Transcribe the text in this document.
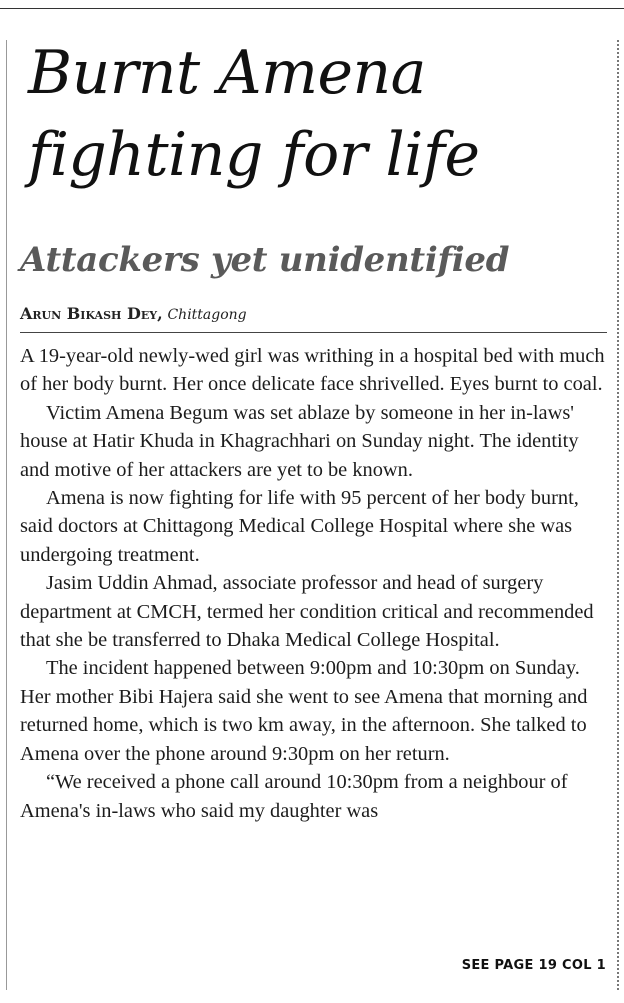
Burnt Amena
fighting for life
Attackers yet unidentified
Arun Bikash Dey, Chittagong

A 19-year-old newly-wed girl was writhing in a hospital bed with much of her body burnt. Her once delicate face shrivelled. Eyes burnt to coal.

Victim Amena Begum was set ablaze by someone in her in-laws' house at Hatir Khuda in Khagrachhari on Sunday night. The identity and motive of her attackers are yet to be known.

Amena is now fighting for life with 95 percent of her body burnt, said doctors at Chittagong Medical College Hospital where she was undergoing treatment.

Jasim Uddin Ahmad, associate professor and head of surgery department at CMCH, termed her condition critical and recommended that she be transferred to Dhaka Medical College Hospital.

The incident happened between 9:00pm and 10:30pm on Sunday. Her mother Bibi Hajera said she went to see Amena that morning and returned home, which is two km away, in the afternoon. She talked to Amena over the phone around 9:30pm on her return.

“We received a phone call around 10:30pm from a neighbour of Amena's in-laws who said my daughter was

SEE PAGE 19 COL 1
